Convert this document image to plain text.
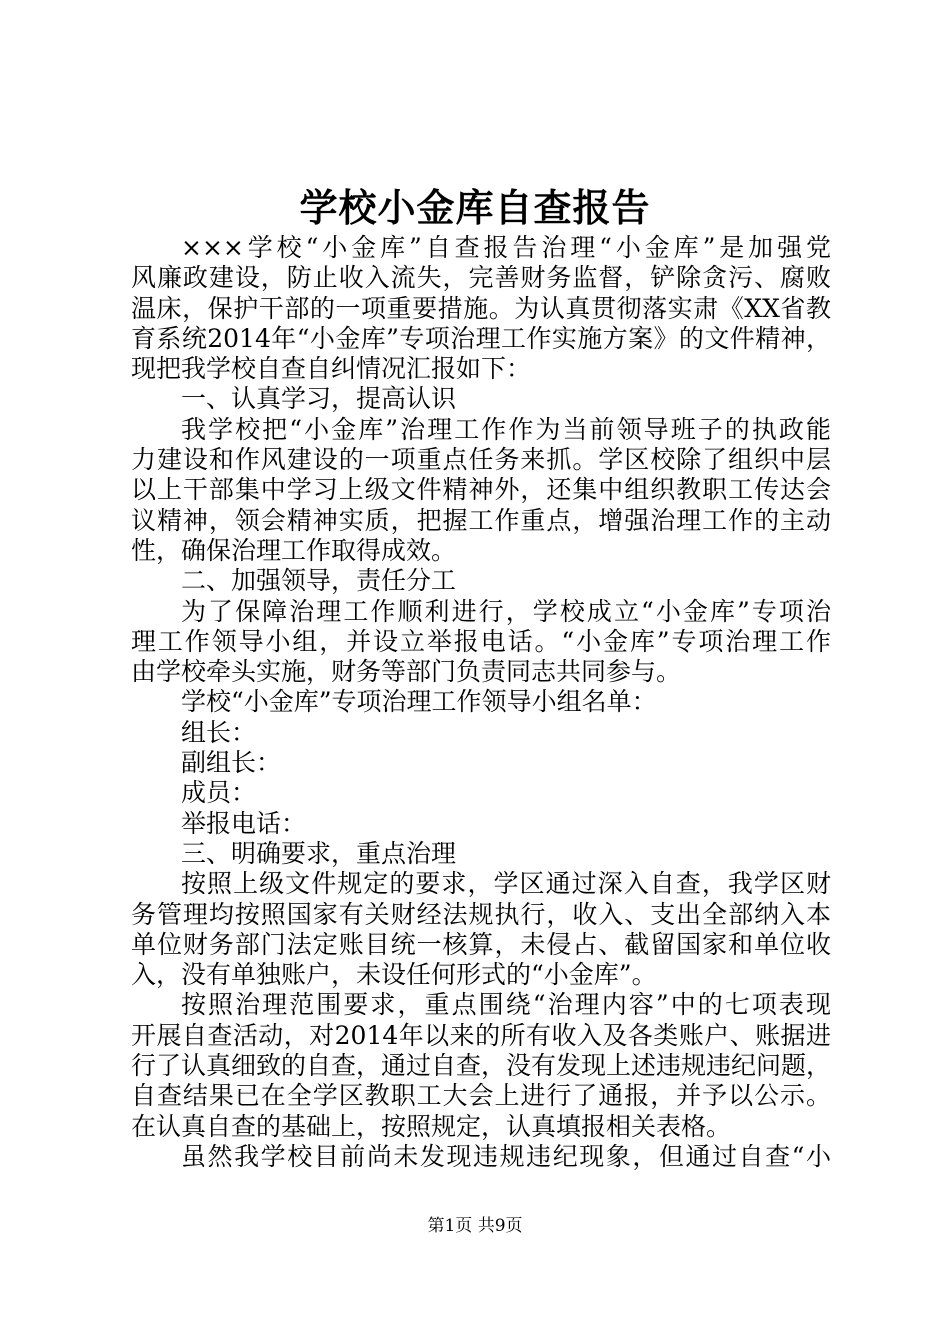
学校小金库自查报告
×××学校“小金库”自查报告治理“小金库”是加强党
风廉政建设，防止收入流失，完善财务监督，铲除贪污、腐败
温床，保护干部的一项重要措施。为认真贯彻落实肃《XX省教
育系统2014年“小金库”专项治理工作实施方案》的文件精神，
现把我学校自查自纠情况汇报如下：
一、认真学习，提高认识
我学校把“小金库”治理工作作为当前领导班子的执政能
力建设和作风建设的一项重点任务来抓。学区校除了组织中层
以上干部集中学习上级文件精神外，还集中组织教职工传达会
议精神，领会精神实质，把握工作重点，增强治理工作的主动
性，确保治理工作取得成效。
二、加强领导，责任分工
为了保障治理工作顺利进行，学校成立“小金库”专项治
理工作领导小组，并设立举报电话。“小金库”专项治理工作
由学校牵头实施，财务等部门负责同志共同参与。
学校“小金库”专项治理工作领导小组名单：
组长：
副组长：
成员：
举报电话：
三、明确要求，重点治理
按照上级文件规定的要求，学区通过深入自查，我学区财
务管理均按照国家有关财经法规执行，收入、支出全部纳入本
单位财务部门法定账目统一核算，未侵占、截留国家和单位收
入，没有单独账户，未设任何形式的“小金库”。
按照治理范围要求，重点围绕“治理内容”中的七项表现
开展自查活动，对2014年以来的所有收入及各类账户、账据进
行了认真细致的自查，通过自查，没有发现上述违规违纪问题，
自查结果已在全学区教职工大会上进行了通报，并予以公示。
在认真自查的基础上，按照规定，认真填报相关表格。
虽然我学校目前尚未发现违规违纪现象，但通过自查“小
第1页 共9页
